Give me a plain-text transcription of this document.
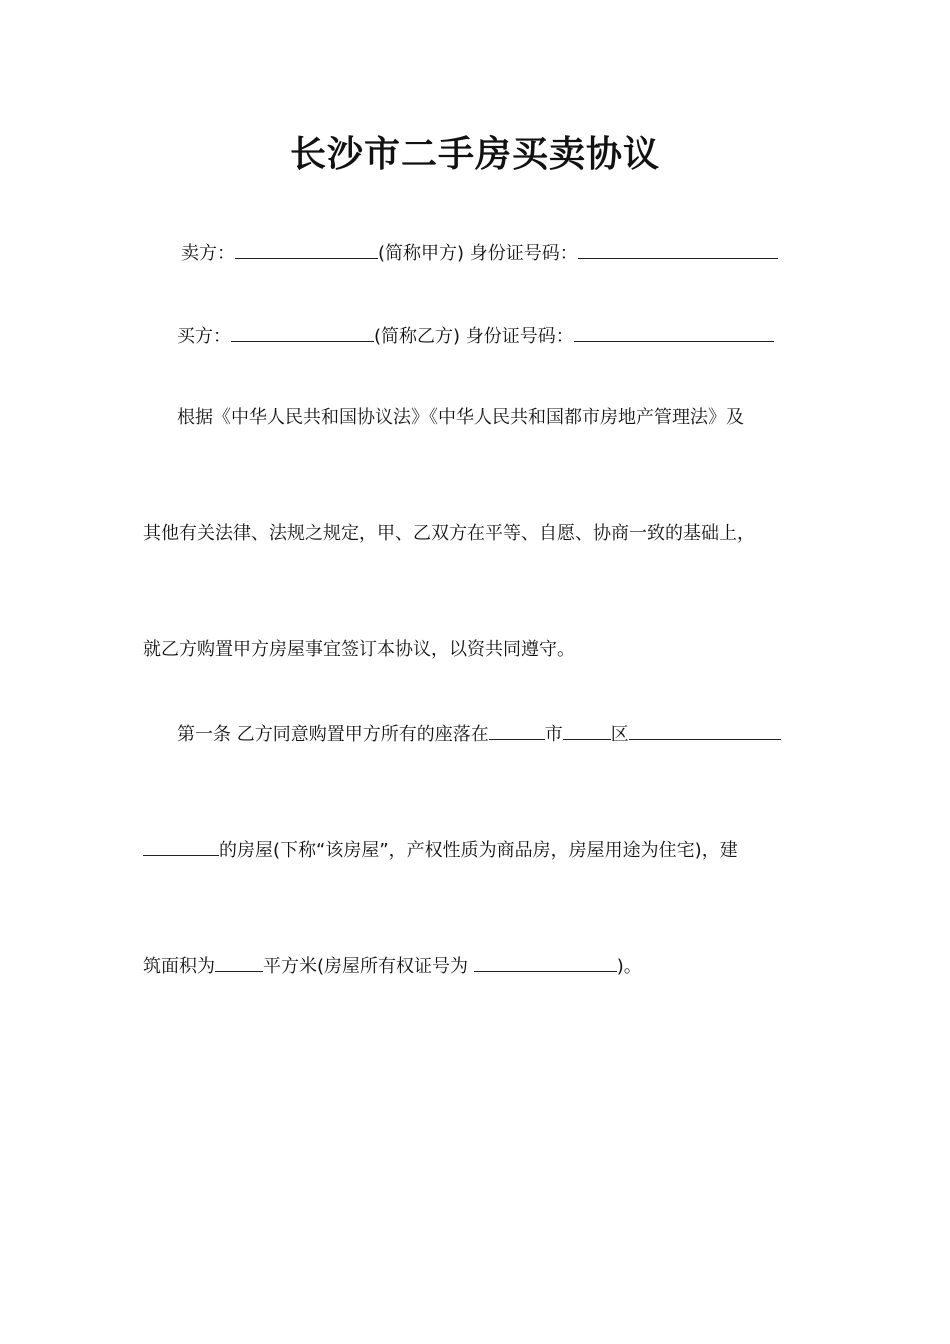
长沙市二手房买卖协议
卖方：	(简称甲方) 身份证号码：
买方：	(简称乙方) 身份证号码：
根据《中华人民共和国协议法》《中华人民共和国都市房地产管理法》及
其他有关法律、法规之规定，甲、乙双方在平等、自愿、协商一致的基础上，
就乙方购置甲方房屋事宜签订本协议，以资共同遵守。
第一条 乙方同意购置甲方所有的座落在	市	区
的房屋(下称“该房屋”，产权性质为商品房，房屋用途为住宅)，建
筑面积为	平方米(房屋所有权证号为	)。
